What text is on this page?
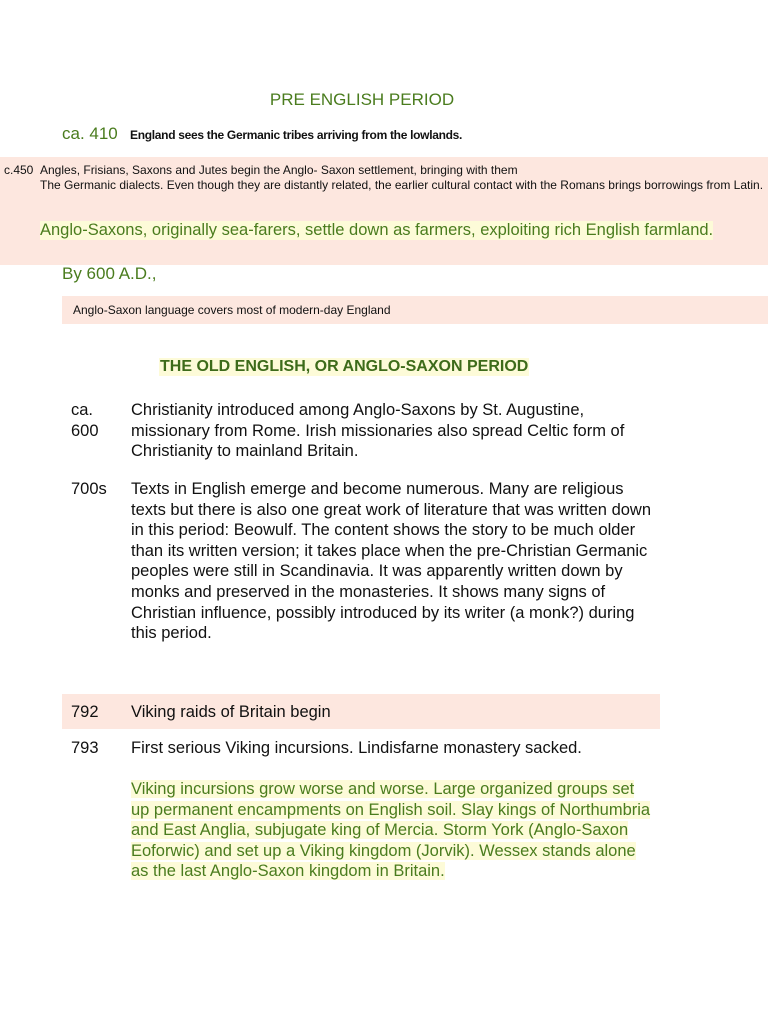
PRE ENGLISH PERIOD
ca. 410 England sees the Germanic tribes arriving from the lowlands.
c.450 Angles, Frisians, Saxons and Jutes begin the Anglo- Saxon settlement, bringing with them
The Germanic dialects. Even though they are distantly related, the earlier cultural contact with the Romans brings borrowings from Latin.
Anglo-Saxons, originally sea-farers, settle down as farmers, exploiting rich English farmland.
By 600 A.D.,
Anglo-Saxon language covers most of modern-day England
THE OLD ENGLISH, OR ANGLO-SAXON PERIOD
ca. 600
Christianity introduced among Anglo-Saxons by St. Augustine, missionary from Rome. Irish missionaries also spread Celtic form of Christianity to mainland Britain.
700s Texts in English emerge and become numerous. Many are religious texts but there is also one great work of literature that was written down in this period: Beowulf. The content shows the story to be much older than its written version; it takes place when the pre-Christian Germanic peoples were still in Scandinavia. It was apparently written down by monks and preserved in the monasteries. It shows many signs of Christian influence, possibly introduced by its writer (a monk?) during this period.
792 Viking raids of Britain begin
793 First serious Viking incursions. Lindisfarne monastery sacked.
Viking incursions grow worse and worse. Large organized groups set up permanent encampments on English soil. Slay kings of Northumbria and East Anglia, subjugate king of Mercia. Storm York (Anglo-Saxon Eoforwic) and set up a Viking kingdom (Jorvik). Wessex stands alone as the last Anglo-Saxon kingdom in Britain.
